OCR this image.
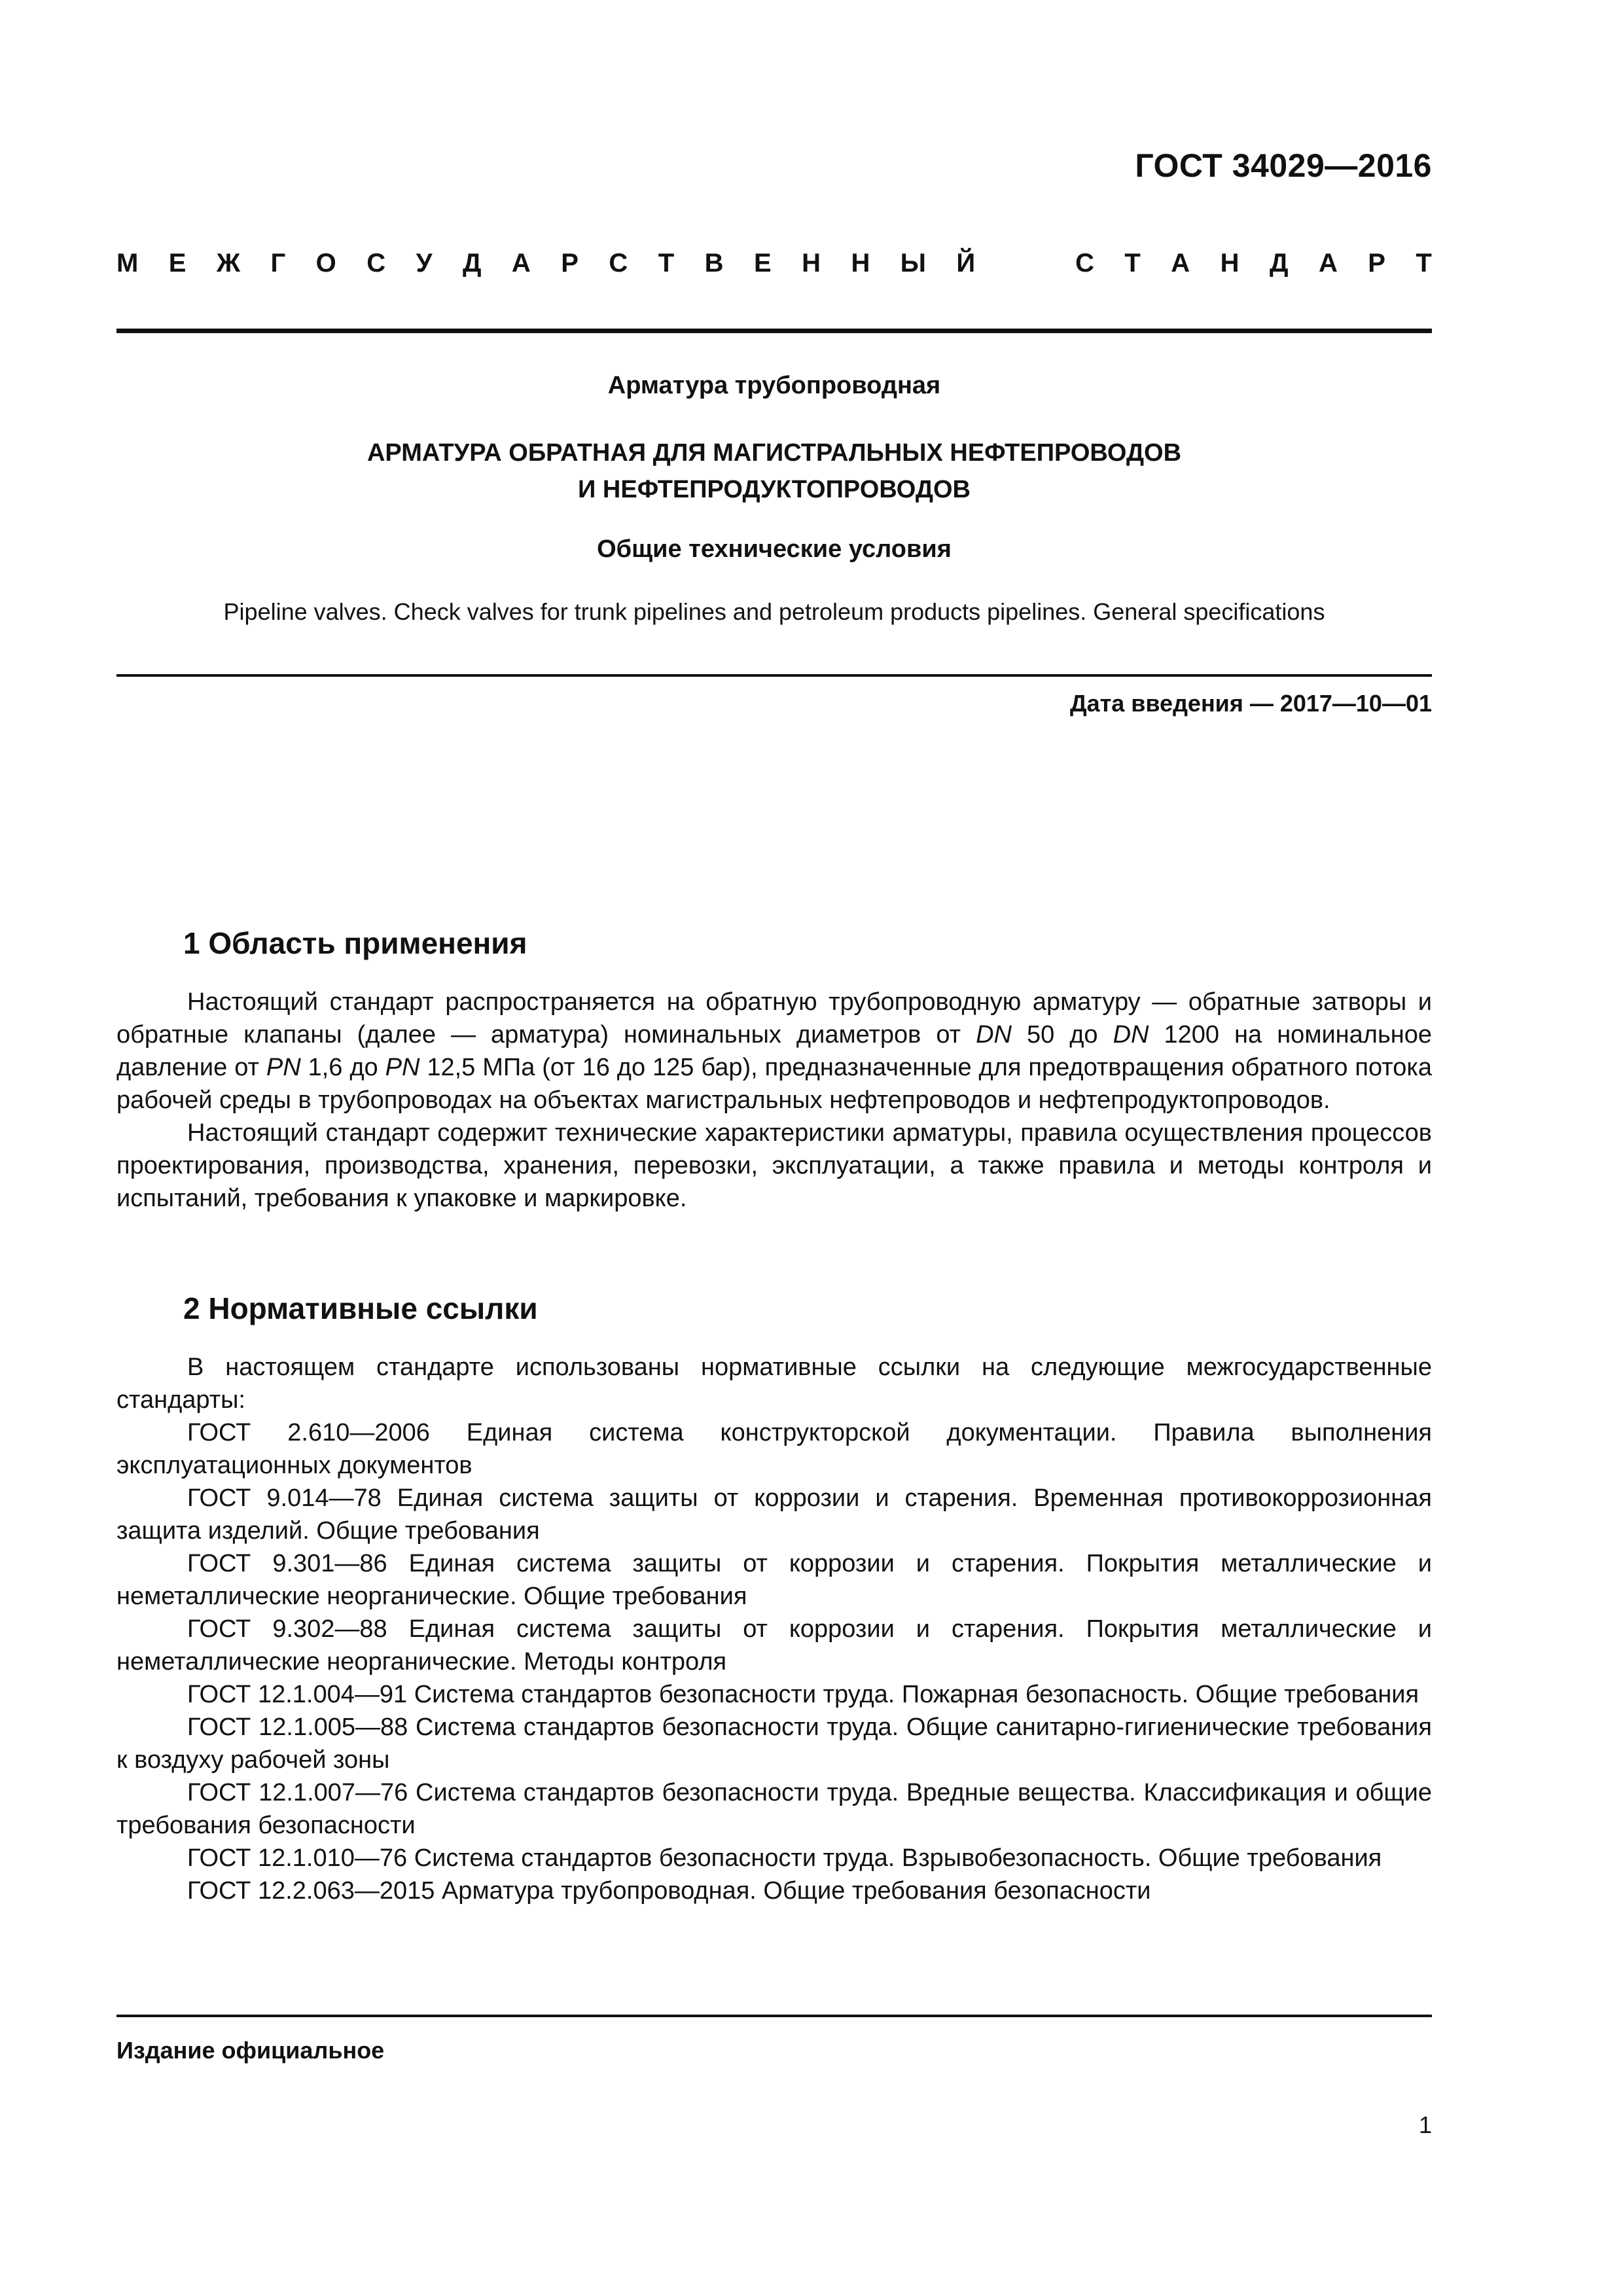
ГОСТ 34029—2016
М Е Ж Г О С У Д А Р С Т В Е Н Н Ы Й	С Т А Н Д А Р Т
Арматура трубопроводная
АРМАТУРА ОБРАТНАЯ ДЛЯ МАГИСТРАЛЬНЫХ НЕФТЕПРОВОДОВ
И НЕФТЕПРОДУКТОПРОВОДОВ
Общие технические условия
Pipeline valves. Check valves for trunk pipelines and petroleum products pipelines. General specifications
Дата введения — 2017—10—01
1 Область применения

Настоящий стандарт распространяется на обратную трубопроводную арматуру — обратные затворы и обратные клапаны (далее — арматура) номинальных диаметров от DN 50 до DN 1200 на номинальное давление от PN 1,6 до PN 12,5 МПа (от 16 до 125 бар), предназначенные для предотвращения обратного потока рабочей среды в трубопроводах на объектах магистральных нефтепроводов и нефтепродуктопроводов.

Настоящий стандарт содержит технические характеристики арматуры, правила осуществления процессов проектирования, производства, хранения, перевозки, эксплуатации, а также правила и методы контроля и испытаний, требования к упаковке и маркировке.

2 Нормативные ссылки

В настоящем стандарте использованы нормативные ссылки на следующие межгосударственные стандарты:

ГОСТ 2.610—2006 Единая система конструкторской документации. Правила выполнения эксплуатационных документов

ГОСТ 9.014—78 Единая система защиты от коррозии и старения. Временная противокоррозионная защита изделий. Общие требования

ГОСТ 9.301—86 Единая система защиты от коррозии и старения. Покрытия металлические и неметаллические неорганические. Общие требования

ГОСТ 9.302—88 Единая система защиты от коррозии и старения. Покрытия металлические и неметаллические неорганические. Методы контроля

ГОСТ 12.1.004—91 Система стандартов безопасности труда. Пожарная безопасность. Общие требования

ГОСТ 12.1.005—88 Система стандартов безопасности труда. Общие санитарно-гигиенические требования к воздуху рабочей зоны

ГОСТ 12.1.007—76 Система стандартов безопасности труда. Вредные вещества. Классификация и общие требования безопасности

ГОСТ 12.1.010—76 Система стандартов безопасности труда. Взрывобезопасность. Общие требования

ГОСТ 12.2.063—2015 Арматура трубопроводная. Общие требования безопасности

Издание официальное
1
